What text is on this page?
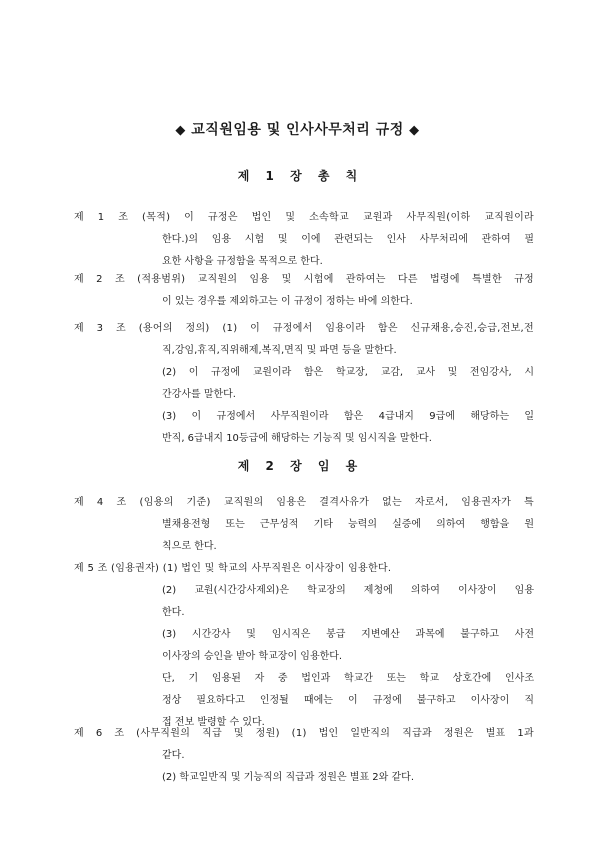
◆ 교직원임용 및 인사사무처리 규정 ◆
제 1 장 총 칙
제 1 조 (목적) 이 규정은 법인 및 소속학교 교원과 사무직원(이하 교직원이라
한다.)의 임용 시험 및 이에 관련되는 인사 사무처리에 관하여 필
요한 사항을 규정함을 목적으로 한다.
제 2 조 (적용범위) 교직원의 임용 및 시험에 관하여는 다른 법령에 특별한 규정
이 있는 경우를 제외하고는 이 규정이 정하는 바에 의한다.
제 3 조 (용어의 정의) (1) 이 규정에서 임용이라 함은 신규채용,승진,승급,전보,전
직,강임,휴직,직위해제,복직,면직 및 파면 등을 말한다.
(2) 이 규정에 교원이라 함은 학교장, 교감, 교사 및 전임강사, 시
간강사를 말한다.
(3) 이 규정에서 사무직원이라 함은 4급내지 9급에 해당하는 일
반직, 6급내지 10등급에 해당하는 기능직 및 임시직을 말한다.
제 2 장 임 용
제 4 조 (임용의 기준) 교직원의 임용은 결격사유가 없는 자로서, 임용권자가 특
별채용전형 또는 근무성적 기타 능력의 실증에 의하여 행함을 원
칙으로 한다.
제 5 조 (임용권자) (1) 법인 및 학교의 사무직원은 이사장이 임용한다.
(2) 교원(시간강사제외)은 학교장의 제청에 의하여 이사장이 임용
한다.
(3) 시간강사 및 임시직은 봉급 지변예산 과목에 불구하고 사전
이사장의 승인을 받아 학교장이 임용한다.
단, 기 임용된 자 중 법인과 학교간 또는 학교 상호간에 인사조
정상 필요하다고 인정될 때에는 이 규정에 불구하고 이사장이 직
접 전보 발령할 수 있다.
제 6 조 (사무직원의 직급 및 정원) (1) 법인 일반직의 직급과 정원은 별표 1과
같다.
(2) 학교일반직 및 기능직의 직급과 정원은 별표 2와 같다.
